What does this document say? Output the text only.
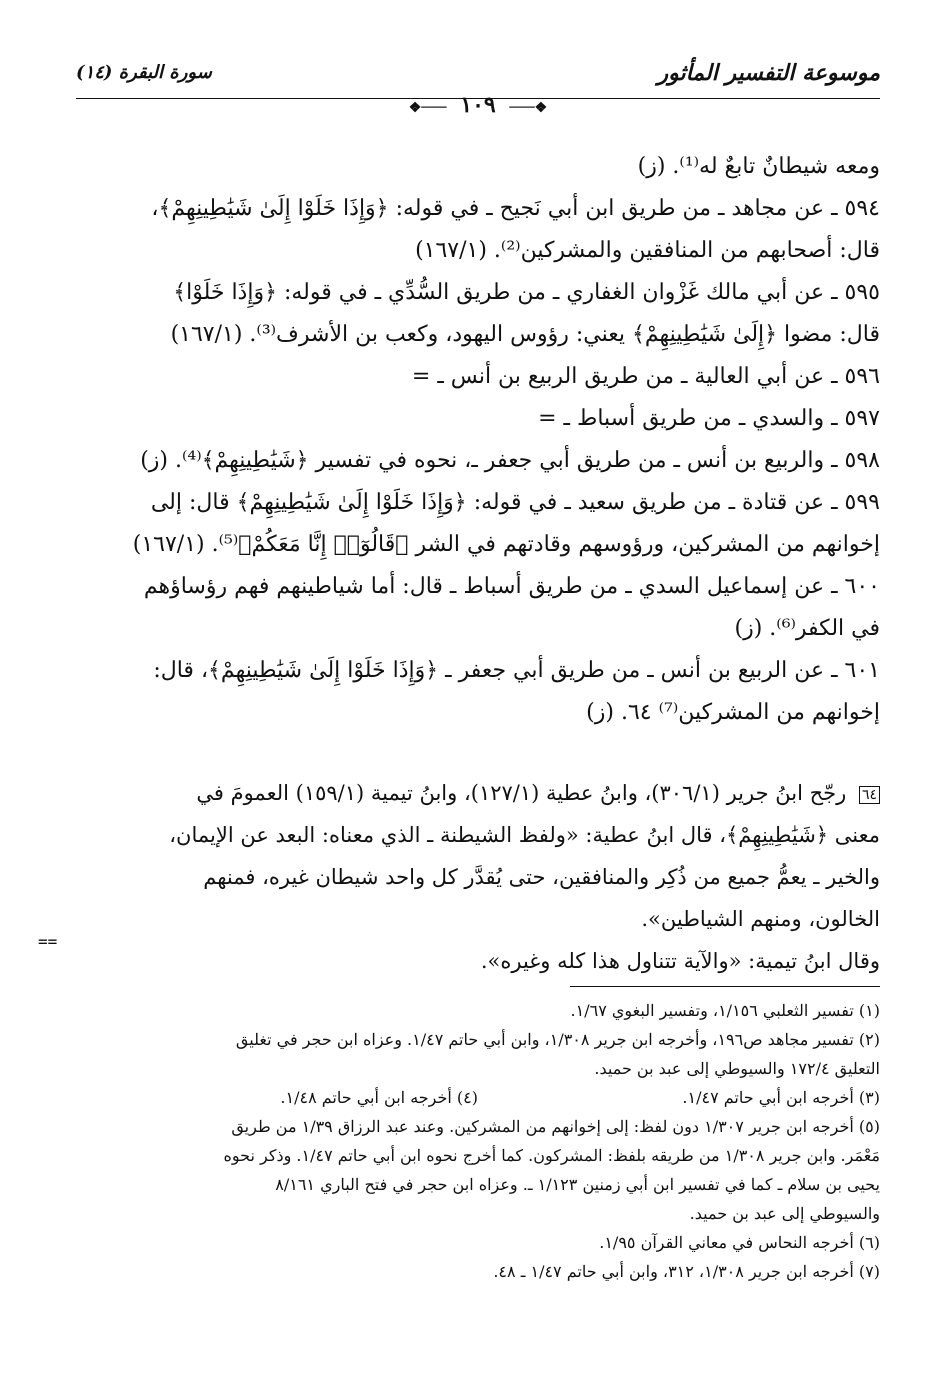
موسوعة التفسير المأثور
سورة البقرة (١٤)
❖─── ١٠٩ ───❖
ومعه شيطانٌ تابعٌ له⁽¹⁾. (ز)
٥٩٤ ـ عن مجاهد ـ من طريق ابن أبي نَجيح ـ في قوله: ﴿وَإِذَا خَلَوْا إِلَىٰ شَيَٰطِينِهِمْ﴾،
قال: أصحابهم من المنافقين والمشركين⁽²⁾. (١٦٧/١)
٥٩٥ ـ عن أبي مالك غَزْوان الغفاري ـ من طريق السُّدِّي ـ في قوله: ﴿وَإِذَا خَلَوْا﴾
قال: مضوا ﴿إِلَىٰ شَيَٰطِينِهِمْ﴾ يعني: رؤوس اليهود، وكعب بن الأشرف⁽³⁾. (١٦٧/١)
٥٩٦ ـ عن أبي العالية ـ من طريق الربيع بن أنس ـ =
٥٩٧ ـ والسدي ـ من طريق أسباط ـ =
٥٩٨ ـ والربيع بن أنس ـ من طريق أبي جعفر ـ، نحوه في تفسير ﴿شَيَٰطِينِهِمْ﴾⁽⁴⁾. (ز)
٥٩٩ ـ عن قتادة ـ من طريق سعيد ـ في قوله: ﴿وَإِذَا خَلَوْا إِلَىٰ شَيَٰطِينِهِمْ﴾ قال: إلى
إخوانهم من المشركين، ورؤوسهم وقادتهم في الشر ﴿قَالُوٓا۟ إِنَّا مَعَكُمْ﴾⁽⁵⁾. (١٦٧/١)
٦٠٠ ـ عن إسماعيل السدي ـ من طريق أسباط ـ قال: أما شياطينهم فهم رؤساؤهم
في الكفر⁽⁶⁾. (ز)
٦٠١ ـ عن الربيع بن أنس ـ من طريق أبي جعفر ـ ﴿وَإِذَا خَلَوْا إِلَىٰ شَيَٰطِينِهِمْ﴾، قال:
إخوانهم من المشركين⁽⁷⁾ ٦٤. (ز)
٦٤ رجّح ابنُ جرير (٣٠٦/١)، وابنُ عطية (١٢٧/١)، وابنُ تيمية (١٥٩/١) العمومَ في
معنى ﴿شَيَٰطِينِهِمْ﴾، قال ابنُ عطية: «ولفظ الشيطنة ـ الذي معناه: البعد عن الإيمان،
والخير ـ يعمُّ جميع من ذُكِر والمنافقين، حتى يُقدَّر كل واحد شيطان غيره، فمنهم
الخالون، ومنهم الشياطين».
وقال ابنُ تيمية: «والآية تتناول هذا كله وغيره».
(١) تفسير الثعلبي ١/١٥٦، وتفسير البغوي ١/٦٧.
(٢) تفسير مجاهد ص١٩٦، وأخرجه ابن جرير ١/٣٠٨، وابن أبي حاتم ١/٤٧. وعزاه ابن حجر في تغليق
التعليق ١٧٢/٤ والسيوطي إلى عبد بن حميد.
(٣) أخرجه ابن أبي حاتم ١/٤٧.
(٤) أخرجه ابن أبي حاتم ١/٤٨.
(٥) أخرجه ابن جرير ١/٣٠٧ دون لفظ: إلى إخوانهم من المشركين. وعند عبد الرزاق ١/٣٩ من طريق
مَعْمَر. وابن جرير ١/٣٠٨ من طريقه بلفظ: المشركون. كما أخرج نحوه ابن أبي حاتم ١/٤٧. وذكر نحوه
يحيى بن سلام ـ كما في تفسير ابن أبي زمنين ١/١٢٣ ـ. وعزاه ابن حجر في فتح الباري ٨/١٦١
والسيوطي إلى عبد بن حميد.
(٦) أخرجه النحاس في معاني القرآن ١/٩٥.
(٧) أخرجه ابن جرير ١/٣٠٨، ٣١٢، وابن أبي حاتم ١/٤٧ ـ ٤٨.
==
